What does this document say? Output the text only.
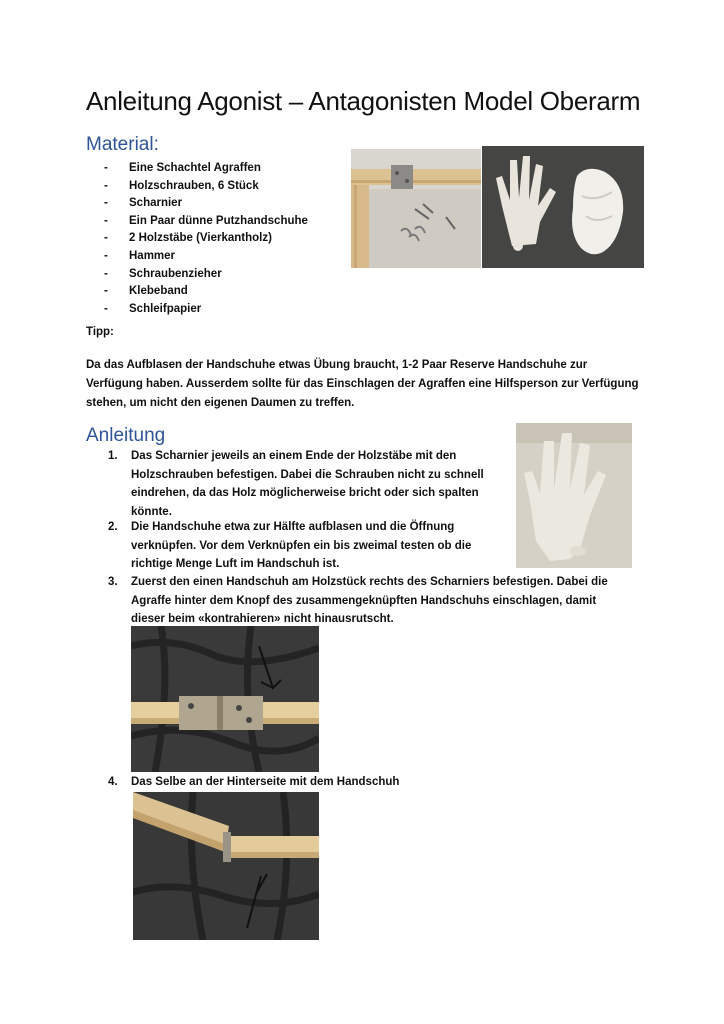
Anleitung Agonist – Antagonisten Model Oberarm
Material:
- Eine Schachtel Agraffen
- Holzschrauben, 6 Stück
- Scharnier
- Ein Paar dünne Putzhandschuhe
- 2 Holzstäbe (Vierkantholz)
- Hammer
- Schraubenzieher
- Klebeband
- Schleifpapier
Tipp:

Da das Aufblasen der Handschuhe etwas Übung braucht, 1-2 Paar Reserve Handschuhe zur Verfügung haben. Ausserdem sollte für das Einschlagen der Agraffen eine Hilfsperson zur Verfügung stehen, um nicht den eigenen Daumen zu treffen.

Anleitung
1. Das Scharnier jeweils an einem Ende der Holzstäbe mit den Holzschrauben befestigen. Dabei die Schrauben nicht zu schnell eindrehen, da das Holz möglicherweise bricht oder sich spalten könnte.
2. Die Handschuhe etwa zur Hälfte aufblasen und die Öffnung verknüpfen. Vor dem Verknüpfen ein bis zweimal testen ob die richtige Menge Luft im Handschuh ist.
3. Zuerst den einen Handschuh am Holzstück rechts des Scharniers befestigen. Dabei die Agraffe hinter dem Knopf des zusammengeknüpften Handschuhs einschlagen, damit dieser beim «kontrahieren» nicht hinausrutscht.
4. Das Selbe an der Hinterseite mit dem Handschuh
